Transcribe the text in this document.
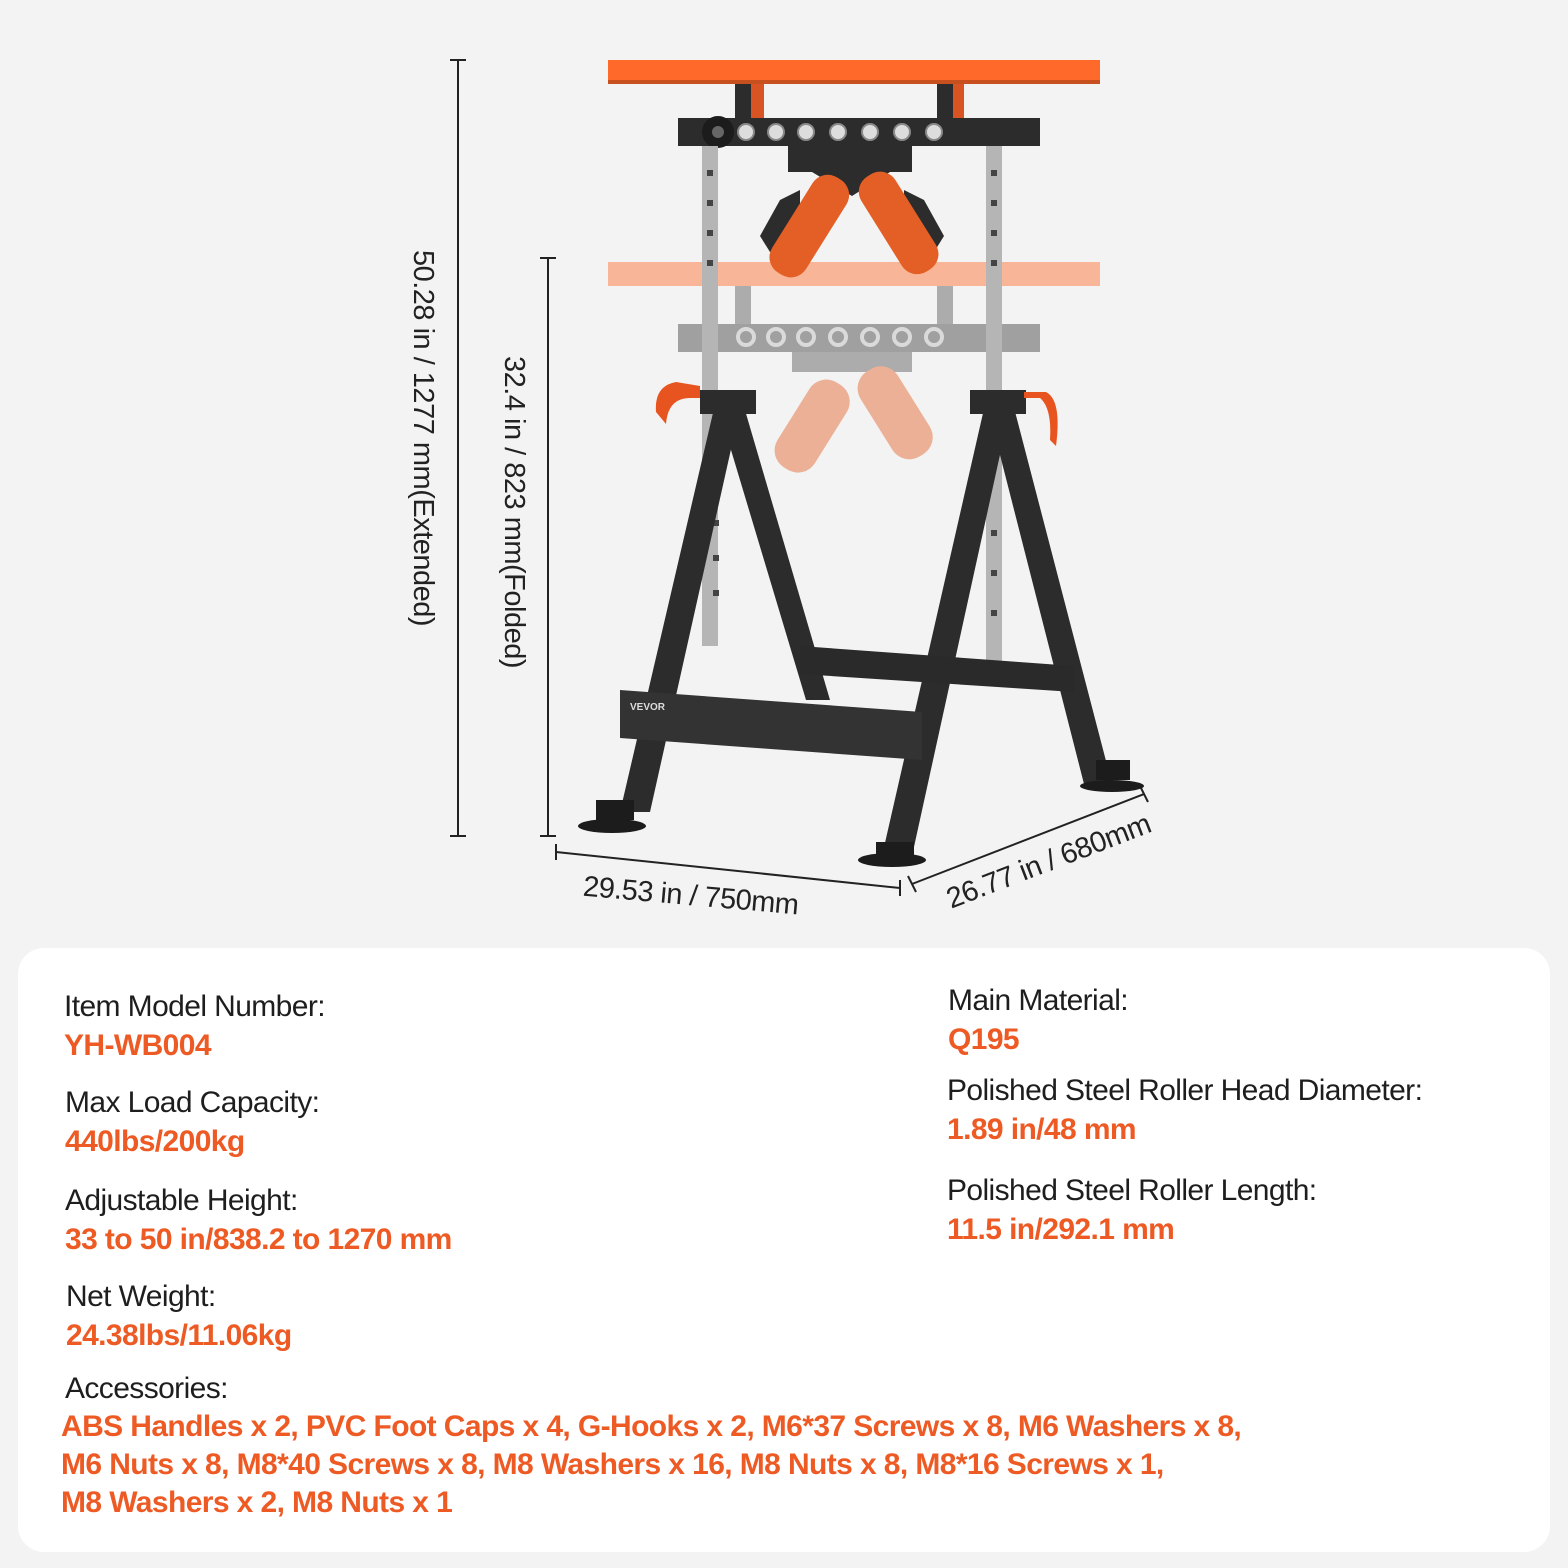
50.28 in / 1277 mm(Extended) 32.4 in / 823 mm(Folded)
29.53 in / 750mm	26.77 in / 680mm
VEVOR
Item Model Number:
YH-WB004
Max Load Capacity:
440lbs/200kg
Adjustable Height:
33 to 50 in/838.2 to 1270 mm
Net Weight:
24.38lbs/11.06kg
Main Material:
Q195
Polished Steel Roller Head Diameter:
1.89 in/48 mm
Polished Steel Roller Length:
11.5 in/292.1 mm
Accessories:
ABS Handles x 2, PVC Foot Caps x 4, G-Hooks x 2, M6*37 Screws x 8, M6 Washers x 8,
M6 Nuts x 8, M8*40 Screws x 8, M8 Washers x 16, M8 Nuts x 8, M8*16 Screws x 1,
M8 Washers x 2, M8 Nuts x 1
